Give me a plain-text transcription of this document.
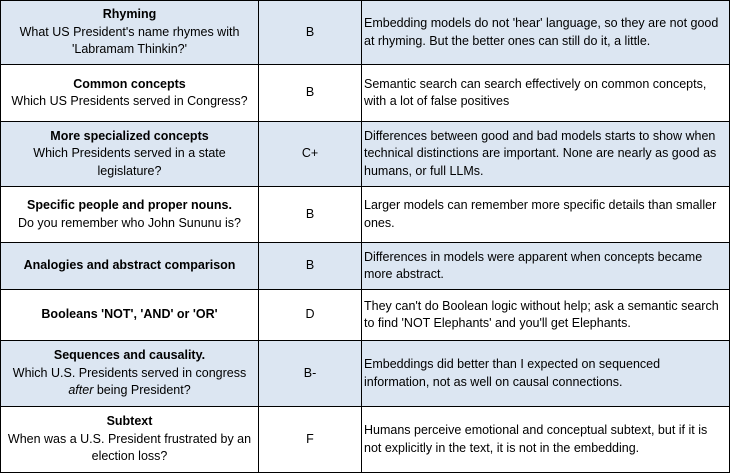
Rhyming
What US President's name rhymes with 'Labramam Thinkin?'	B	Embedding models do not 'hear' language, so they are not good at rhyming. But the better ones can still do it, a little.

Common concepts
Which US Presidents served in Congress?	B	Semantic search can search effectively on common concepts, with a lot of false positives

More specialized concepts
Which Presidents served in a state legislature?	C+	Differences between good and bad models starts to show when technical distinctions are important. None are nearly as good as humans, or full LLMs.

Specific people and proper nouns.
Do you remember who John Sununu is?	B	Larger models can remember more specific details than smaller ones.

Analogies and abstract comparison	B	Differences in models were apparent when concepts became more abstract.

Booleans 'NOT', 'AND' or 'OR'	D	They can't do Boolean logic without help; ask a semantic search to find 'NOT Elephants' and you'll get Elephants.

Sequences and causality.
Which U.S. Presidents served in congress after being President?	B-	Embeddings did better than I expected on sequenced information, not as well on causal connections.

Subtext
When was a U.S. President frustrated by an election loss?	F	Humans perceive emotional and conceptual subtext, but if it is not explicitly in the text, it is not in the embedding.
